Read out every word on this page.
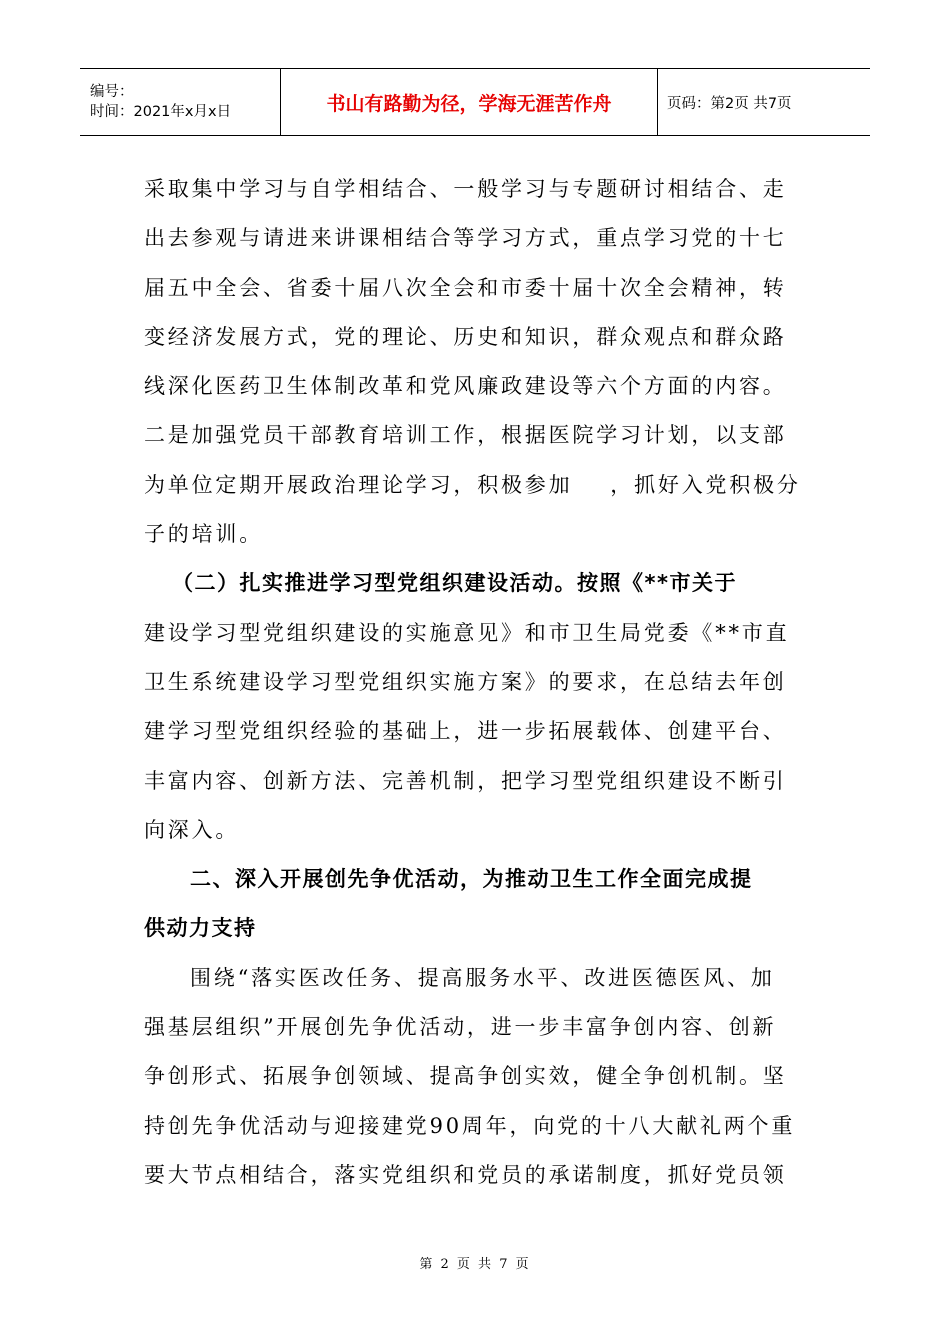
编号：
时间：2021年x月x日	书山有路勤为径，学海无涯苦作舟	页码：第2页 共7页
采取集中学习与自学相结合、一般学习与专题研讨相结合、走
出去参观与请进来讲课相结合等学习方式，重点学习党的十七
届五中全会、省委十届八次全会和市委十届十次全会精神，转
变经济发展方式，党的理论、历史和知识，群众观点和群众路
线深化医药卫生体制改革和党风廉政建设等六个方面的内容。
二是加强党员干部教育培训工作，根据医院学习计划，以支部
为单位定期开展政治理论学习，积极参加    ，抓好入党积极分
子的培训。
（二）扎实推进学习型党组织建设活动。按照《**市关于
建设学习型党组织建设的实施意见》和市卫生局党委《**市直
卫生系统建设学习型党组织实施方案》的要求，在总结去年创
建学习型党组织经验的基础上，进一步拓展载体、创建平台、
丰富内容、创新方法、完善机制，把学习型党组织建设不断引
向深入。
二、深入开展创先争优活动，为推动卫生工作全面完成提
供动力支持
围绕“落实医改任务、提高服务水平、改进医德医风、加
强基层组织”开展创先争优活动，进一步丰富争创内容、创新
争创形式、拓展争创领域、提高争创实效，健全争创机制。坚
持创先争优活动与迎接建党90周年，向党的十八大献礼两个重
要大节点相结合，落实党组织和党员的承诺制度，抓好党员领
第 2 页 共 7 页
